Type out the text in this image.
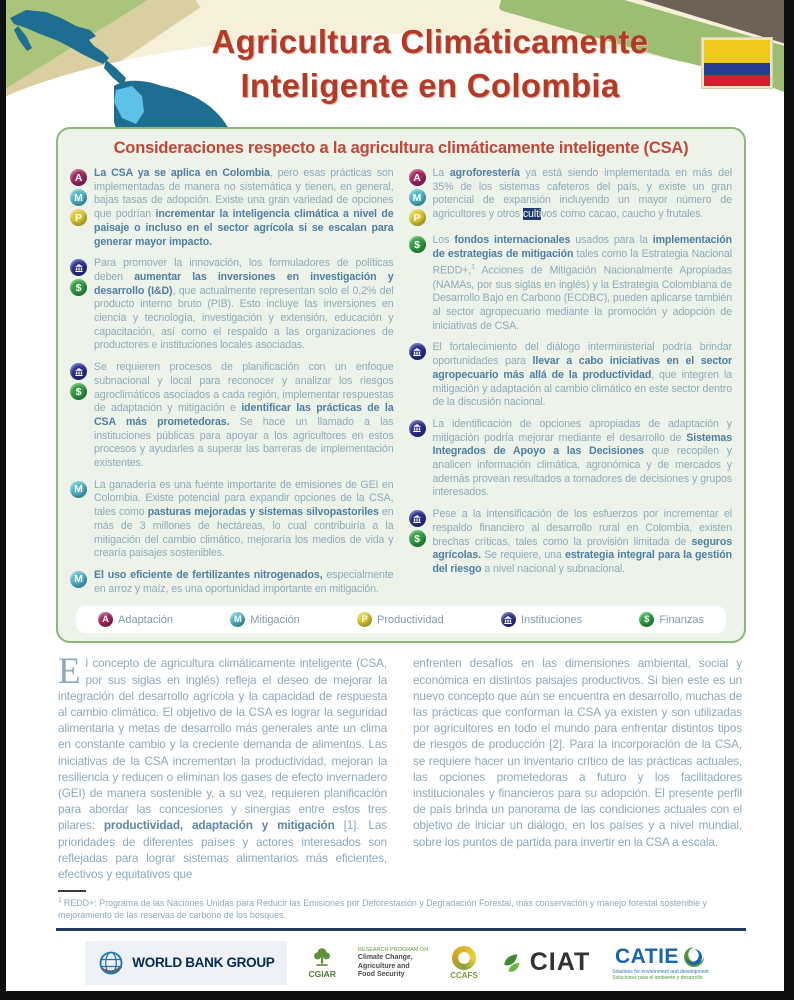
Agricultura Climáticamente
Inteligente en Colombia
Consideraciones respecto a la agricultura climáticamente inteligente (CSA)
A
M
P
La CSA ya se aplica en Colombia, pero esas prácticas son implementadas de manera no sistemática y tienen, en general, bajas tasas de adopción. Existe una gran variedad de opciones que podrían incrementar la inteligencia climática a nivel de paisaje o incluso en el sector agrícola si se escalan para generar mayor impacto.
$
Para promover la innovación, los formuladores de políticas deben aumentar las inversiones en investigación y desarrollo (I&D), que actualmente representan solo el 0,2% del producto interno bruto (PIB). Esto incluye las inversiones en ciencia y tecnología, investigación y extensión, educación y capacitación, así como el respaldo a las organizaciones de productores e instituciones locales asociadas.
$
Se requieren procesos de planificación con un enfoque subnacional y local para reconocer y analizar los riesgos agroclimáticos asociados a cada región, implementar respuestas de adaptación y mitigación e identificar las prácticas de la CSA más prometedoras. Se hace un llamado a las instituciones públicas para apoyar a los agricultores en estos procesos y ayudarles a superar las barreras de implementación existentes.
M	La ganadería es una fuente importante de emisiones de GEI en Colombia. Existe potencial para expandir opciones de la CSA, tales como pasturas mejoradas y sistemas silvopastoriles en más de 3 millones de hectáreas, lo cual contribuiría a la mitigación del cambio climático, mejoraría los medios de vida y crearía paisajes sostenibles.
M	El uso eficiente de fertilizantes nitrogenados, especialmente en arroz y maíz, es una oportunidad importante en mitigación.
A
M
P
La agroforestería ya está siendo implementada en más del 35% de los sistemas cafeteros del país, y existe un gran potencial de expansión incluyendo un mayor número de agricultores y otros cultivos como cacao, caucho y frutales.
$	Los fondos internacionales usados para la implementación de estrategias de mitigación tales como la Estrategia Nacional REDD+,$^1$ Acciones de Mitigación Nacionalmente Apropiadas (NAMAs, por sus siglas en inglés) y la Estrategia Colombiana de Desarrollo Bajo en Carbono (ECDBC), pueden aplicarse también al sector agropecuario mediante la promoción y adopción de iniciativas de CSA.
El fortalecimiento del diálogo interministerial podría brindar oportunidades para llevar a cabo iniciativas en el sector agropecuario más allá de la productividad, que integren la mitigación y adaptación al cambio climático en este sector dentro de la discusión nacional.
La identificación de opciones apropiadas de adaptación y mitigación podría mejorar mediante el desarrollo de Sistemas Integrados de Apoyo a las Decisiones que recopilen y analicen información climática, agronómica y de mercados y además provean resultados a tomadores de decisiones y grupos interesados.
$
Pese a la intensificación de los esfuerzos por incrementar el respaldo financiero al desarrollo rural en Colombia, existen brechas críticas, tales como la provisión limitada de seguros agrícolas. Se requiere, una estrategia integral para la gestión del riesgo a nivel nacional y subnacional.
A Adaptación	M Mitigación	P Productividad	Instituciones	$ Finanzas
El concepto de agricultura climáticamente inteligente (CSA, por sus siglas en inglés) refleja el deseo de mejorar la integración del desarrollo agrícola y la capacidad de respuesta al cambio climático. El objetivo de la CSA es lograr la seguridad alimentaria y metas de desarrollo más generales ante un clima en constante cambio y la creciente demanda de alimentos. Las iniciativas de la CSA incrementan la productividad, mejoran la resiliencia y reducen o eliminan los gases de efecto invernadero (GEI) de manera sostenible y, a su vez, requieren planificación para abordar las concesiones y sinergias entre estos tres pilares: productividad, adaptación y mitigación [1]. Las prioridades de diferentes países y actores interesados son reflejadas para lograr sistemas alimentarios más eficientes, efectivos y equitativos que
enfrenten desafíos en las dimensiones ambiental, social y económica en distintos paisajes productivos. Si bien este es un nuevo concepto que aún se encuentra en desarrollo, muchas de las prácticas que conforman la CSA ya existen y son utilizadas por agricultores en todo el mundo para enfrentar distintos tipos de riesgos de producción [2]. Para la incorporación de la CSA, se requiere hacer un inventario crítico de las prácticas actuales, las opciones prometedoras a futuro y los facilitadores institucionales y financieros para su adopción. El presente perfil de país brinda un panorama de las condiciones actuales con el objetivo de iniciar un diálogo, en los países y a nivel mundial, sobre los puntos de partida para invertir en la CSA a escala.
$^1$ REDD+: Programa de las Naciones Unidas para Reducir las Emisiones por Deforestación y Degradación Forestal, más conservación y manejo forestal sostenible y mejoramiento de las reservas de carbono de los bosques.
WORLD BANK GROUP
CGIAR
RESEARCH PROGRAM ON
Climate Change,
Agriculture and
Food Security	CCAFS CIAT CATIE
Solutions for environment and development
Soluciones para el ambiente y desarrollo
